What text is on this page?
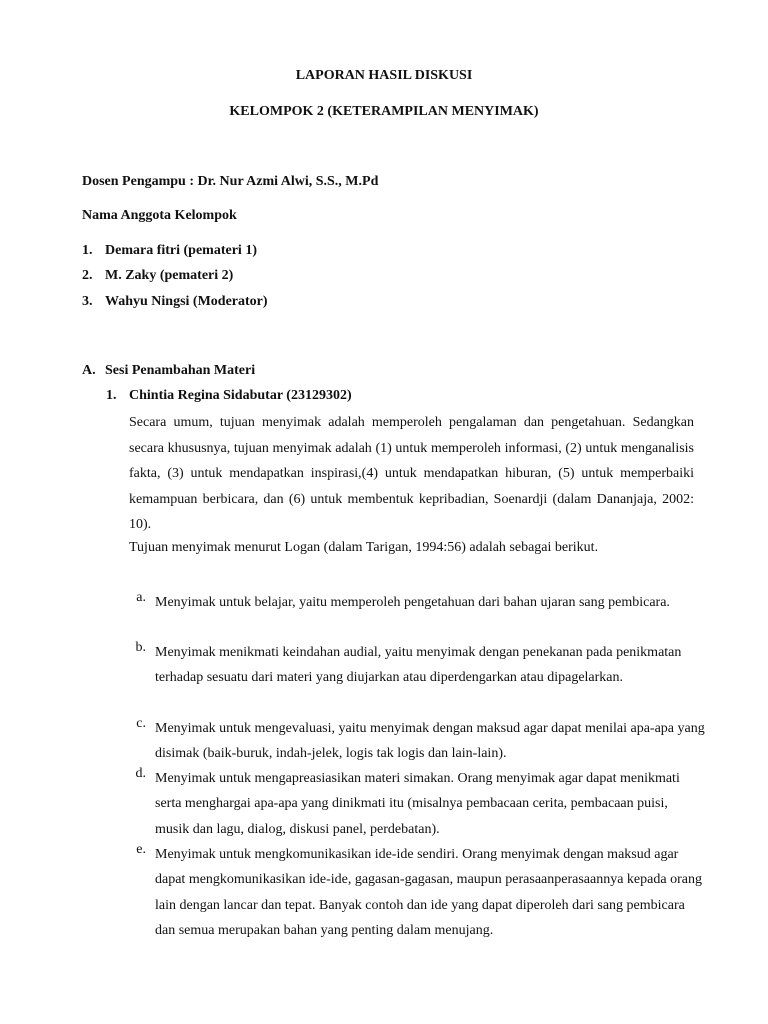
LAPORAN HASIL DISKUSI
KELOMPOK 2 (KETERAMPILAN MENYIMAK)
Dosen Pengampu : Dr. Nur Azmi Alwi, S.S., M.Pd
Nama Anggota Kelompok
1. Demara fitri (pemateri 1)
2. M. Zaky (pemateri 2)
3. Wahyu Ningsi (Moderator)
A. Sesi Penambahan Materi
1. Chintia Regina Sidabutar (23129302)
Secara umum, tujuan menyimak adalah memperoleh pengalaman dan pengetahuan. Sedangkan secara khususnya, tujuan menyimak adalah (1) untuk memperoleh informasi, (2) untuk menganalisis fakta, (3) untuk mendapatkan inspirasi,(4) untuk mendapatkan hiburan, (5) untuk memperbaiki kemampuan berbicara, dan (6) untuk membentuk kepribadian, Soenardji (dalam Dananjaja, 2002: 10).
Tujuan menyimak menurut Logan (dalam Tarigan, 1994:56) adalah sebagai berikut.
a. Menyimak untuk belajar, yaitu memperoleh pengetahuan dari bahan ujaran sang pembicara.
b. Menyimak menikmati keindahan audial, yaitu menyimak dengan penekanan pada penikmatan terhadap sesuatu dari materi yang diujarkan atau diperdengarkan atau dipagelarkan.
c. Menyimak untuk mengevaluasi, yaitu menyimak dengan maksud agar dapat menilai apa-apa yang disimak (baik-buruk, indah-jelek, logis tak logis dan lain-lain).
d. Menyimak untuk mengapreasiasikan materi simakan. Orang menyimak agar dapat menikmati serta menghargai apa-apa yang dinikmati itu (misalnya pembacaan cerita, pembacaan puisi, musik dan lagu, dialog, diskusi panel, perdebatan).
e. Menyimak untuk mengkomunikasikan ide-ide sendiri. Orang menyimak dengan maksud agar dapat mengkomunikasikan ide-ide, gagasan-gagasan, maupun perasaanperasaannya kepada orang lain dengan lancar dan tepat. Banyak contoh dan ide yang dapat diperoleh dari sang pembicara dan semua merupakan bahan yang penting dalam menujang.
